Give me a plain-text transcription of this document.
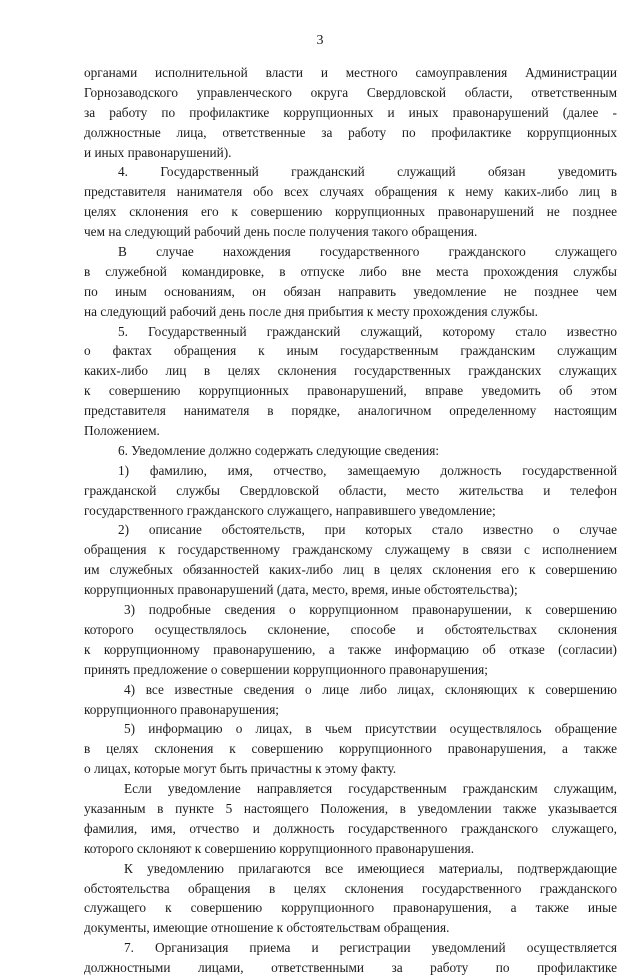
3
органами исполнительной власти и местного самоуправления Администрации
Горнозаводского управленческого округа Свердловской области, ответственным
за работу по профилактике коррупционных и иных правонарушений (далее -
должностные лица, ответственные за работу по профилактике коррупционных
и иных правонарушений).
4. Государственный гражданский служащий обязан уведомить
представителя нанимателя обо всех случаях обращения к нему каких-либо лиц в
целях склонения его к совершению коррупционных правонарушений не позднее
чем на следующий рабочий день после получения такого обращения.
В случае нахождения государственного гражданского служащего
в служебной командировке, в отпуске либо вне места прохождения службы
по иным основаниям, он обязан направить уведомление не позднее чем
на следующий рабочий день после дня прибытия к месту прохождения службы.
5. Государственный гражданский служащий, которому стало известно
о фактах обращения к иным государственным гражданским служащим
каких-либо лиц в целях склонения государственных гражданских служащих
к совершению коррупционных правонарушений, вправе уведомить об этом
представителя нанимателя в порядке, аналогичном определенному настоящим
Положением.
6. Уведомление должно содержать следующие сведения:
1) фамилию, имя, отчество, замещаемую должность государственной
гражданской службы Свердловской области, место жительства и телефон
государственного гражданского служащего, направившего уведомление;
2) описание обстоятельств, при которых стало известно о случае
обращения к государственному гражданскому служащему в связи с исполнением
им служебных обязанностей каких-либо лиц в целях склонения его к совершению
коррупционных правонарушений (дата, место, время, иные обстоятельства);
3) подробные сведения о коррупционном правонарушении, к совершению
которого осуществлялось склонение, способе и обстоятельствах склонения
к коррупционному правонарушению, а также информацию об отказе (согласии)
принять предложение о совершении коррупционного правонарушения;
4) все известные сведения о лице либо лицах, склоняющих к совершению
коррупционного правонарушения;
5) информацию о лицах, в чьем присутствии осуществлялось обращение
в целях склонения к совершению коррупционного правонарушения, а также
о лицах, которые могут быть причастны к этому факту.
Если уведомление направляется государственным гражданским служащим,
указанным в пункте 5 настоящего Положения, в уведомлении также указывается
фамилия, имя, отчество и должность государственного гражданского служащего,
которого склоняют к совершению коррупционного правонарушения.
К уведомлению прилагаются все имеющиеся материалы, подтверждающие
обстоятельства обращения в целях склонения государственного гражданского
служащего к совершению коррупционного правонарушения, а также иные
документы, имеющие отношение к обстоятельствам обращения.
7. Организация приема и регистрации уведомлений осуществляется
должностными лицами, ответственными за работу по профилактике
